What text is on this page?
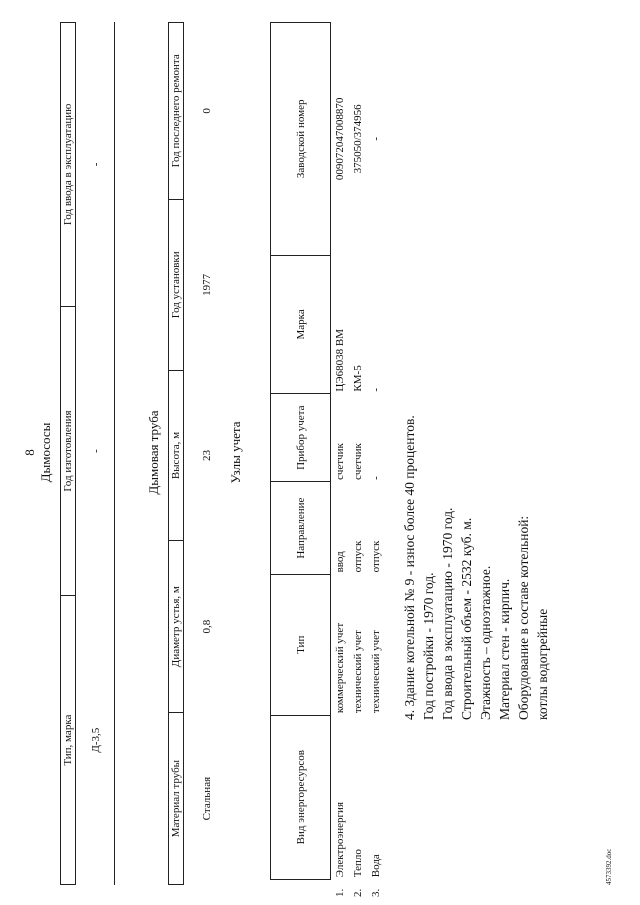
8 Дымососы
Тип, марка	Год изготовления	Год ввода в эксплуатацию
Д-3,5	-	-
Дымовая труба
Материал трубы	Диаметр устья, м	Высота, м	Год установки	Год последнего ремонта
Стальная	0,8	23	1977	0
Узлы учета
	Вид энергоресурсов	Тип	Направление	Прибор учета	Марка	Заводской номер
1.	Электроэнергия	коммерческий учет	ввод	счетчик	ЦЭ68038 ВМ	009072047008870
2.	Тепло	технический учет	отпуск	счетчик	КМ-5	375050/374956
3.	Вода	технический учет	отпуск	-	-	-
4. Здание котельной № 9 - износ более 40 процентов. Год постройки - 1970 год. Год ввода в эксплуатацию - 1970 год. Строительный объем - 2532 куб. м. Этажность – одноэтажное. Материал стен - кирпич. Оборудование в составе котельной: котлы водогрейные
4573392.doc
